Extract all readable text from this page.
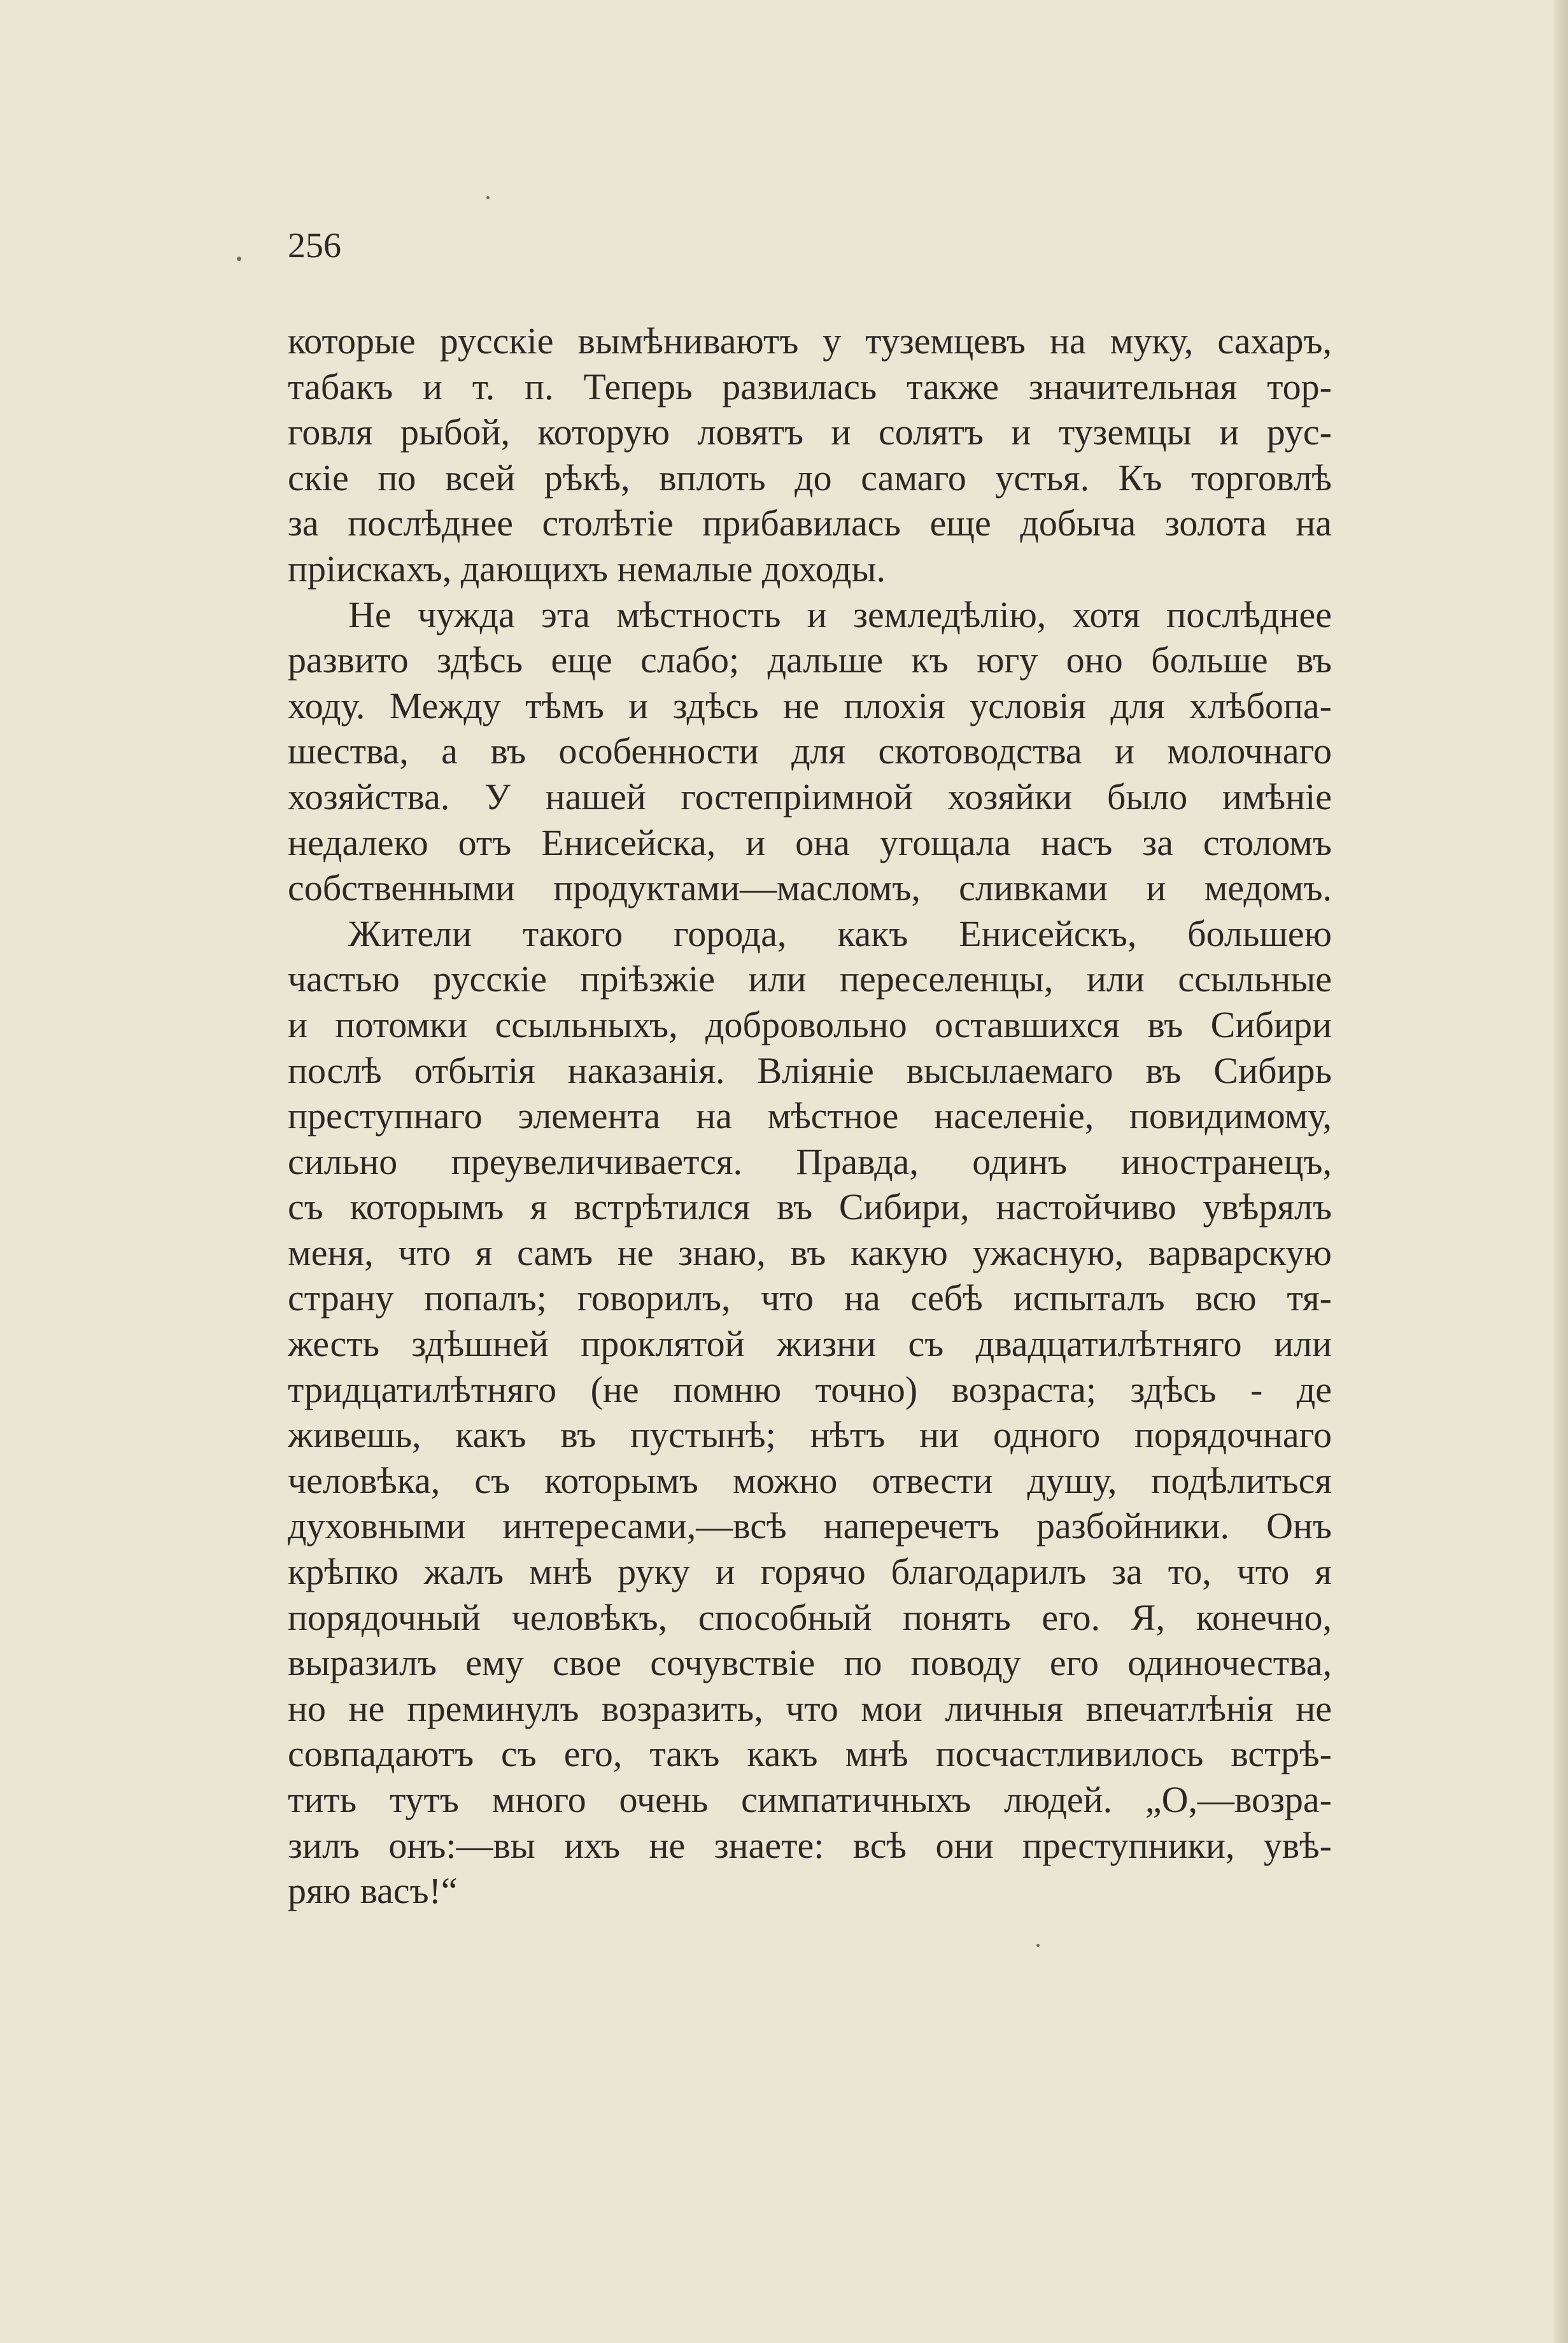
256
которые русскіе вымѣниваютъ у туземцевъ на муку, сахаръ,
табакъ и т. п. Теперь развилась также значительная тор-
говля рыбой, которую ловятъ и солятъ и туземцы и рус-
скіе по всей рѣкѣ, вплоть до самаго устья. Къ торговлѣ
за послѣднее столѣтіе прибавилась еще добыча золота на
пріискахъ, дающихъ немалые доходы.
Не чужда эта мѣстность и земледѣлію, хотя послѣднее
развито здѣсь еще слабо; дальше къ югу оно больше въ
ходу. Между тѣмъ и здѣсь не плохія условія для хлѣбопа-
шества, а въ особенности для скотоводства и молочнаго
хозяйства. У нашей гостепріимной хозяйки было имѣніе
недалеко отъ Енисейска, и она угощала насъ за столомъ
собственными продуктами—масломъ, сливками и медомъ.
Жители такого города, какъ Енисейскъ, большею
частью русскіе пріѣзжіе или переселенцы, или ссыльные
и потомки ссыльныхъ, добровольно оставшихся въ Сибири
послѣ отбытія наказанія. Вліяніе высылаемаго въ Сибирь
преступнаго элемента на мѣстное населеніе, повидимому,
сильно преувеличивается. Правда, одинъ иностранецъ,
съ которымъ я встрѣтился въ Сибири, настойчиво увѣрялъ
меня, что я самъ не знаю, въ какую ужасную, варварскую
страну попалъ; говорилъ, что на себѣ испыталъ всю тя-
жесть здѣшней проклятой жизни съ двадцатилѣтняго или
тридцатилѣтняго (не помню точно) возраста; здѣсь - де
живешь, какъ въ пустынѣ; нѣтъ ни одного порядочнаго
человѣка, съ которымъ можно отвести душу, подѣлиться
духовными интересами,—всѣ наперечетъ разбойники. Онъ
крѣпко жалъ мнѣ руку и горячо благодарилъ за то, что я
порядочный человѣкъ, способный понять его. Я, конечно,
выразилъ ему свое сочувствіе по поводу его одиночества,
но не преминулъ возразить, что мои личныя впечатлѣнія не
совпадаютъ съ его, такъ какъ мнѣ посчастливилось встрѣ-
тить тутъ много очень симпатичныхъ людей. „О,—возра-
зилъ онъ:—вы ихъ не знаете: всѣ они преступники, увѣ-
ряю васъ!“
